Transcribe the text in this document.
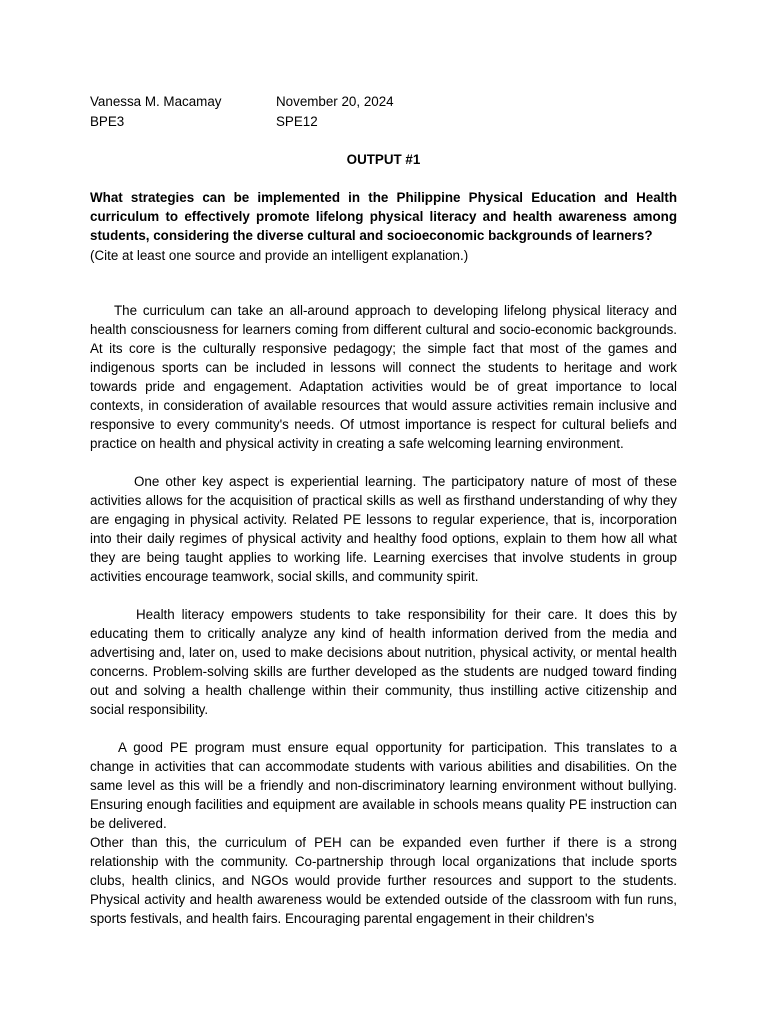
Vanessa M. Macamay	November 20, 2024
BPE3	SPE12
OUTPUT #1
What strategies can be implemented in the Philippine Physical Education and Health curriculum to effectively promote lifelong physical literacy and health awareness among students, considering the diverse cultural and socioeconomic backgrounds of learners?
(Cite at least one source and provide an intelligent explanation.)

The curriculum can take an all-around approach to developing lifelong physical literacy and health consciousness for learners coming from different cultural and socio-economic backgrounds. At its core is the culturally responsive pedagogy; the simple fact that most of the games and indigenous sports can be included in lessons will connect the students to heritage and work towards pride and engagement. Adaptation activities would be of great importance to local contexts, in consideration of available resources that would assure activities remain inclusive and responsive to every community's needs. Of utmost importance is respect for cultural beliefs and practice on health and physical activity in creating a safe welcoming learning environment.

One other key aspect is experiential learning. The participatory nature of most of these activities allows for the acquisition of practical skills as well as firsthand understanding of why they are engaging in physical activity. Related PE lessons to regular experience, that is, incorporation into their daily regimes of physical activity and healthy food options, explain to them how all what they are being taught applies to working life. Learning exercises that involve students in group activities encourage teamwork, social skills, and community spirit.

Health literacy empowers students to take responsibility for their care. It does this by educating them to critically analyze any kind of health information derived from the media and advertising and, later on, used to make decisions about nutrition, physical activity, or mental health concerns. Problem-solving skills are further developed as the students are nudged toward finding out and solving a health challenge within their community, thus instilling active citizenship and social responsibility.

A good PE program must ensure equal opportunity for participation. This translates to a change in activities that can accommodate students with various abilities and disabilities. On the same level as this will be a friendly and non-discriminatory learning environment without bullying. Ensuring enough facilities and equipment are available in schools means quality PE instruction can be delivered.

Other than this, the curriculum of PEH can be expanded even further if there is a strong relationship with the community. Co-partnership through local organizations that include sports clubs, health clinics, and NGOs would provide further resources and support to the students. Physical activity and health awareness would be extended outside of the classroom with fun runs, sports festivals, and health fairs. Encouraging parental engagement in their children's
